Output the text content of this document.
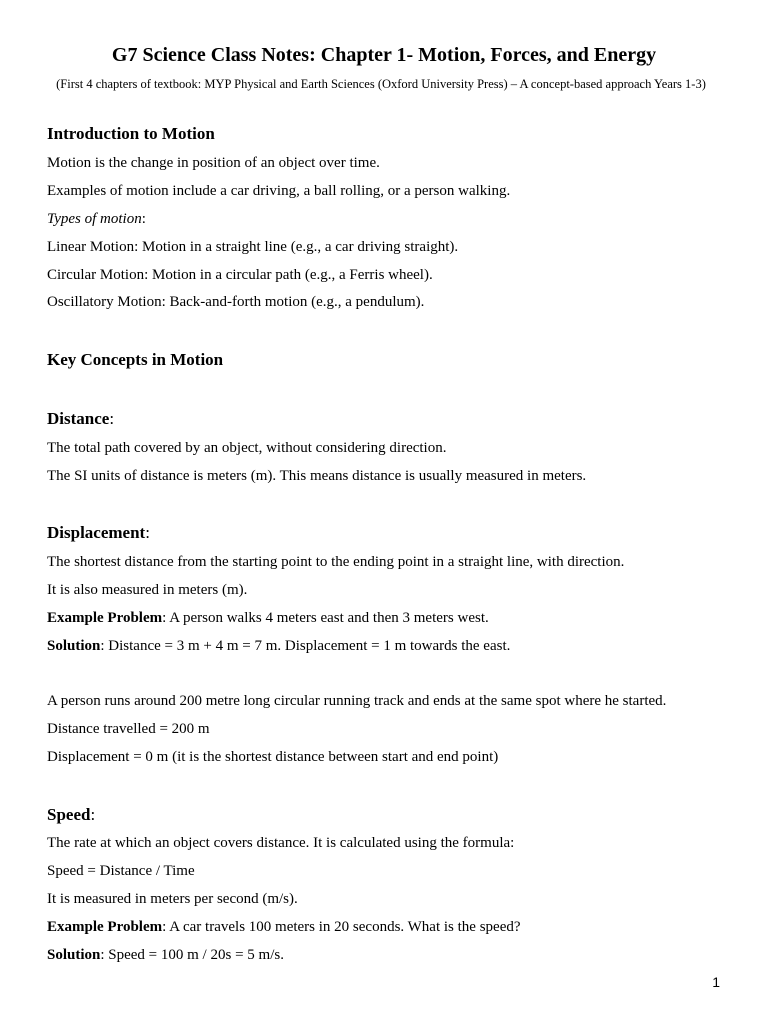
G7 Science Class Notes: Chapter 1- Motion, Forces, and Energy
(First 4 chapters of textbook: MYP Physical and Earth Sciences (Oxford University Press) – A concept-based approach Years 1-3)
Introduction to Motion
Motion is the change in position of an object over time.
Examples of motion include a car driving, a ball rolling, or a person walking.
Types of motion:
Linear Motion: Motion in a straight line (e.g., a car driving straight).
Circular Motion: Motion in a circular path (e.g., a Ferris wheel).
Oscillatory Motion: Back-and-forth motion (e.g., a pendulum).
Key Concepts in Motion
Distance:
The total path covered by an object, without considering direction.
The SI units of distance is meters (m). This means distance is usually measured in meters.
Displacement:
The shortest distance from the starting point to the ending point in a straight line, with direction.
It is also measured in meters (m).
Example Problem: A person walks 4 meters east and then 3 meters west.
Solution: Distance = 3 m + 4 m = 7 m. Displacement = 1 m towards the east.
A person runs around 200 metre long circular running track and ends at the same spot where he started.
Distance travelled = 200 m
Displacement = 0 m (it is the shortest distance between start and end point)
Speed:
The rate at which an object covers distance. It is calculated using the formula:
Speed = Distance / Time
It is measured in meters per second (m/s).
Example Problem: A car travels 100 meters in 20 seconds. What is the speed?
Solution: Speed = 100 m / 20s = 5 m/s.
1
